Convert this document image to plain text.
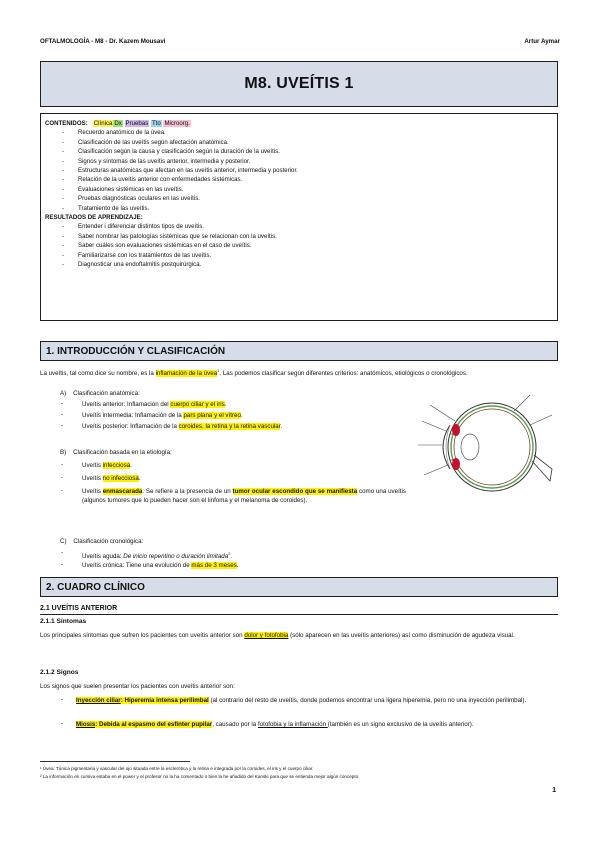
OFTALMOLOGÍA - M8 - Dr. Kazem Mousavi	Artur Aymar
M8. UVEÍTIS 1
CONTENIDOS: Clínica Dx Pruebas Tto Microorg.
- Recuerdo anatómico de la úvea.
- Clasificación de las uveítis según afectación anatómica.
- Clasificación según la causa y clasificación según la duración de la uveítis.
- Signos y síntomas de las uveítis anterior, intermedia y posterior.
- Estructuras anatómicas que afectan en las uveítis anterior, intermedia y posterior.
- Relación de la uveítis anterior con enfermedades sistémicas.
- Evaluaciones sistémicas en las uveítis.
- Pruebas diagnósticas oculares en las uveítis.
- Tratamiento de las uveítis.
RESULTADOS DE APRENDIZAJE:
- Entender i diferenciar distintos tipos de uveítis.
- Saber nombrar las patologías sistémicas que se relacionan con la uveítis.
- Saber cuáles son evaluaciones sistémicas en el caso de uveítis.
- Familiarizarse con los tratamientos de las uveítis.
- Diagnosticar una endoftalmitis postquirúrgica.
1. INTRODUCCIÓN Y CLASIFICACIÓN
La uveítis, tal como dice su nombre, es la inflamación de la úvea$^1$. Las podemos clasificar según diferentes criterios: anatómicos, etiológicos o cronológicos.
A) Clasificación anatómica:
-	Uveítis anterior: Inflamación del cuerpo ciliar y el iris.
-	Uveítis intermedia: Inflamación de la pars plana y el vítreo.
-	Uveítis posterior: Inflamación de la coroides, la retina y la retina vascular.
B) Clasificación basada en la etiología:
-	Uveítis infecciosa.
-	Uveítis no infecciosa.
-	Uveítis enmascarada: Se refiere a la presencia de un tumor ocular escondido que se manifiesta como una uveítis (algunos tumores que lo pueden hacer son el linfoma y el melanoma de coroides).
C) Clasificación cronológica:
-
Uveítis aguda: De inicio repentino o duración limitada$^2$.
-	Uveítis crónica: Tiene una evolución de más de 3 meses.
2. CUADRO CLÍNICO
2.1 UVEÍTIS ANTERIOR
2.1.1 Síntomas
Los principales síntomas que sufren los pacientes con uveítis anterior son dolor y fotofobia (sólo aparecen en las uveítis anteriores) así como disminución de agudeza visual.
2.1.2 Signos
Los signos que suelen presentar los pacientes con uveítis anterior son:
- Inyección ciliar: Hiperemia intensa perilimbal (al contrario del resto de uveítis, donde podemos encontrar una ligera hiperemia, pero no una inyección perilimbal).
- Miosis: Debida al espasmo del esfínter pupilar, causado por la fotofobia y la inflamación (también es un signo exclusivo de la uveítis anterior).
¹ Úvea: Túnica pigmentaria y vascular del ojo situada entre la esclerótica y la retina e integrada por la coroides, el iris y el cuerpo ciliar.
² La información en cursiva estaba en el power y el profesor no la ha comentado o bien la he añadido del Kanski para que se entienda mejor algún concepto.
1
